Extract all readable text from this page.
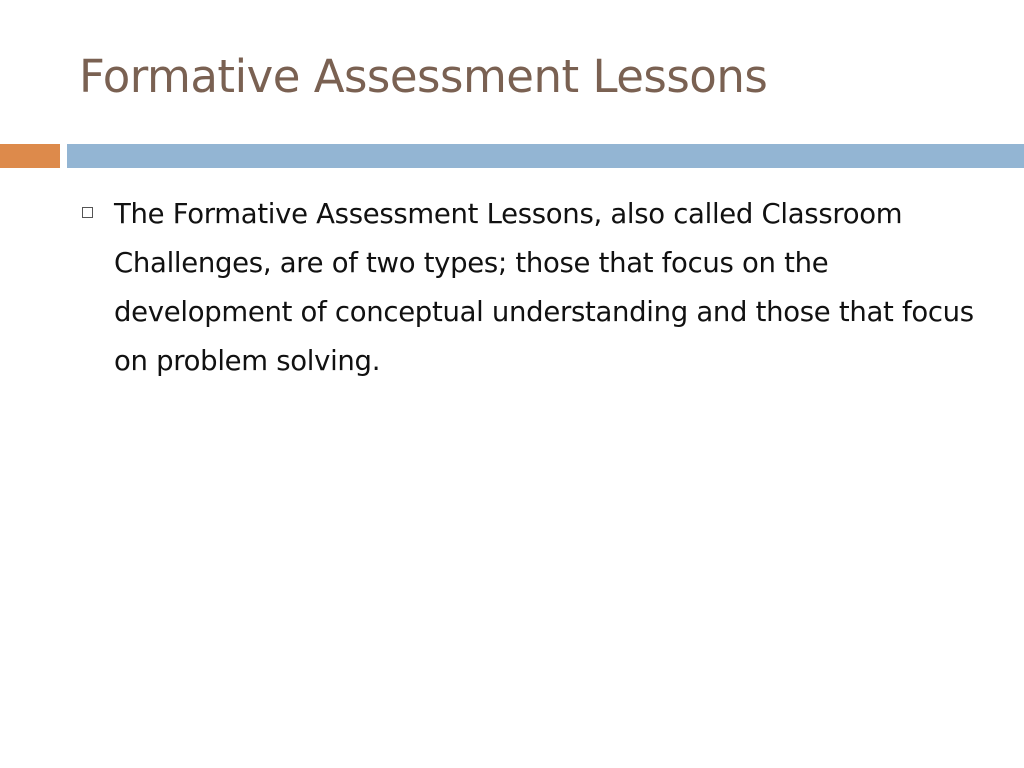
Formative Assessment Lessons
The Formative Assessment Lessons, also called Classroom Challenges, are of two types; those that focus on the development of conceptual understanding and those that focus on problem solving.
